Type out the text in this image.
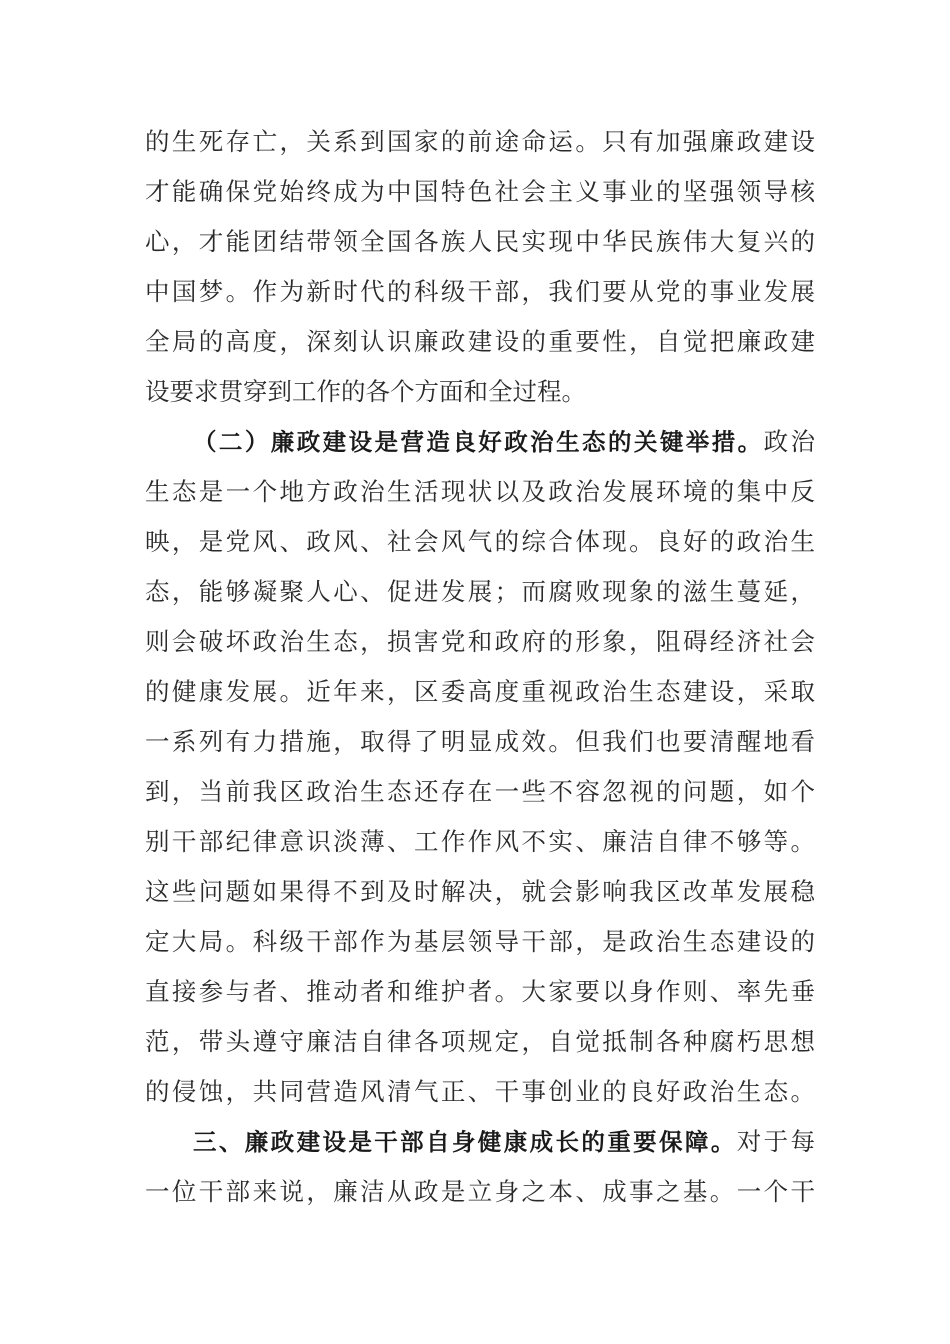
的生死存亡，关系到国家的前途命运。只有加强廉政建设
才能确保党始终成为中国特色社会主义事业的坚强领导核
心，才能团结带领全国各族人民实现中华民族伟大复兴的
中国梦。作为新时代的科级干部，我们要从党的事业发展
全局的高度，深刻认识廉政建设的重要性，自觉把廉政建
设要求贯穿到工作的各个方面和全过程。
（二）廉政建设是营造良好政治生态的关键举措。政治
生态是一个地方政治生活现状以及政治发展环境的集中反
映，是党风、政风、社会风气的综合体现。良好的政治生
态，能够凝聚人心、促进发展；而腐败现象的滋生蔓延，
则会破坏政治生态，损害党和政府的形象，阻碍经济社会
的健康发展。近年来，区委高度重视政治生态建设，采取
一系列有力措施，取得了明显成效。但我们也要清醒地看
到，当前我区政治生态还存在一些不容忽视的问题，如个
别干部纪律意识淡薄、工作作风不实、廉洁自律不够等。
这些问题如果得不到及时解决，就会影响我区改革发展稳
定大局。科级干部作为基层领导干部，是政治生态建设的
直接参与者、推动者和维护者。大家要以身作则、率先垂
范，带头遵守廉洁自律各项规定，自觉抵制各种腐朽思想
的侵蚀，共同营造风清气正、干事创业的良好政治生态。
三、廉政建设是干部自身健康成长的重要保障。对于每
一位干部来说，廉洁从政是立身之本、成事之基。一个干
